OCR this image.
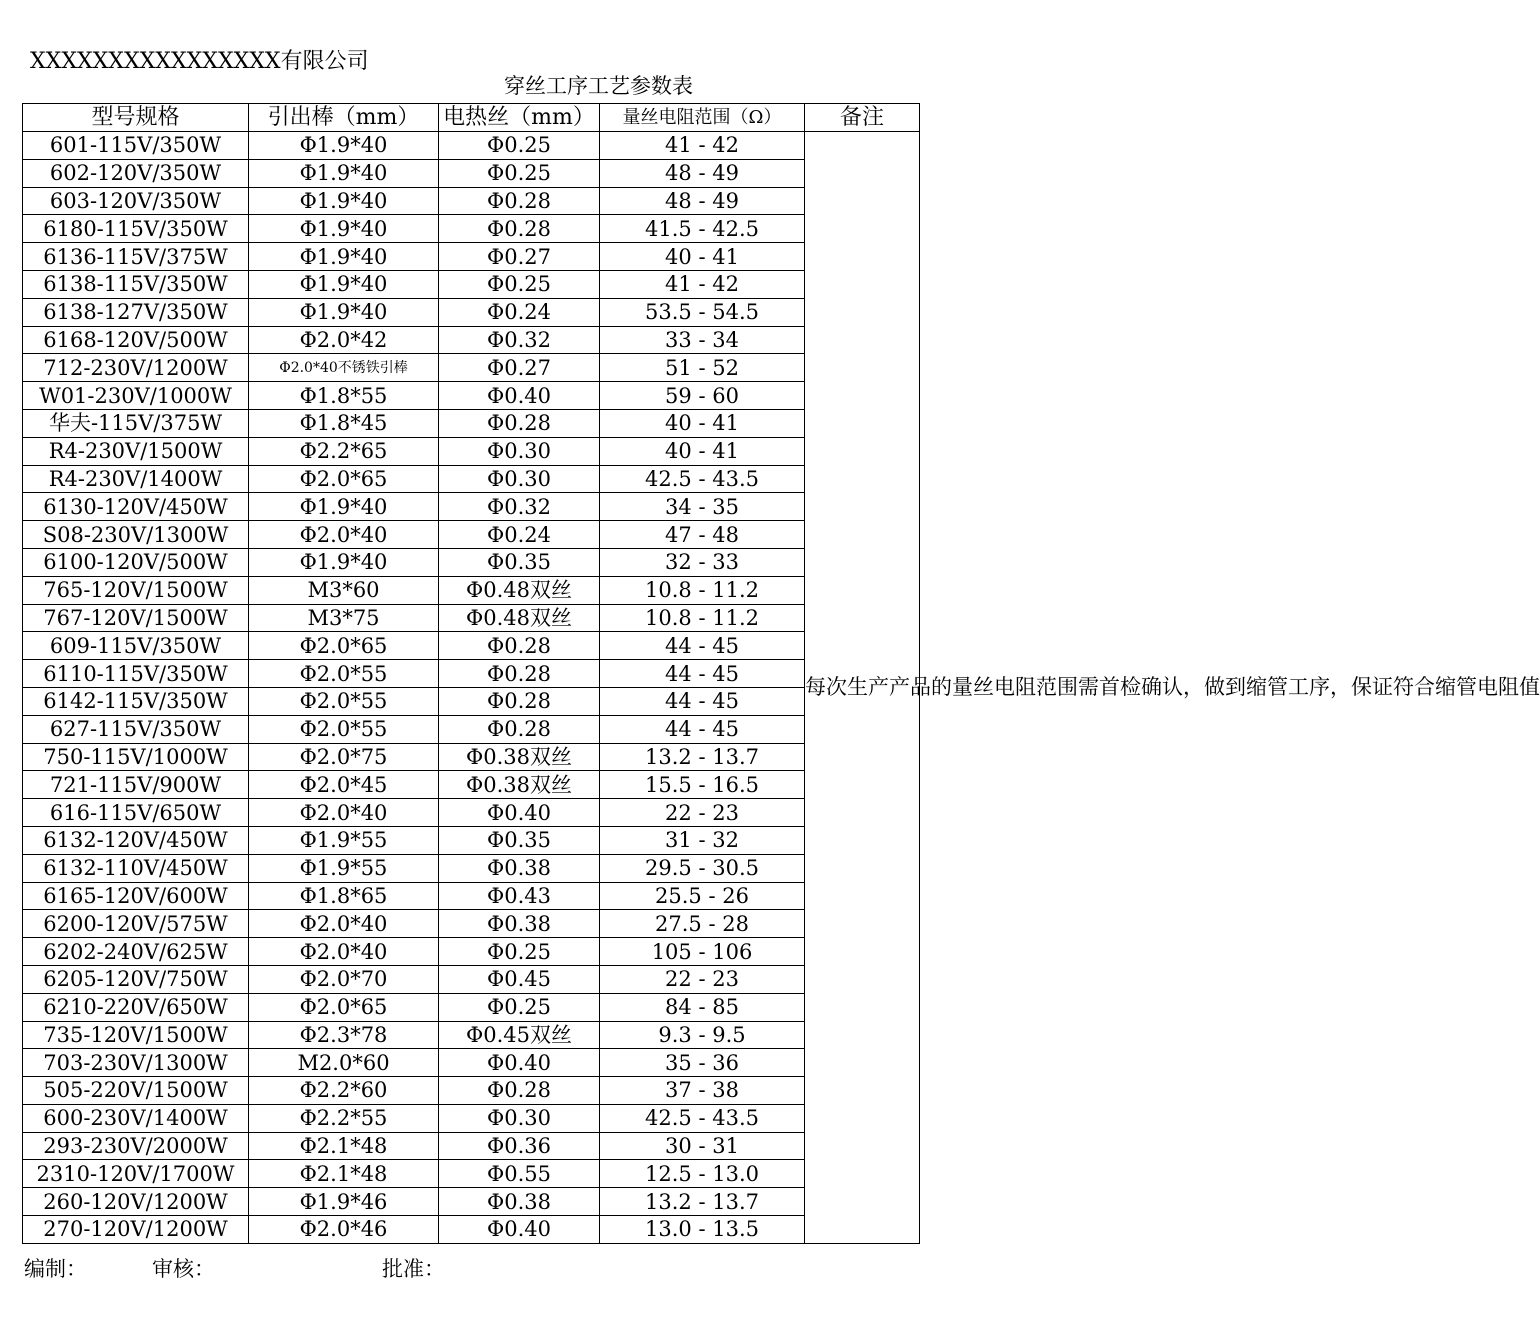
XXXXXXXXXXXXXXXX有限公司
穿丝工序工艺参数表
型号规格	引出棒（mm）	电热丝（mm）	量丝电阻范围（Ω）	备注
601-115V/350W	Φ1.9*40	Φ0.25	41 - 42	每次生产产品的量丝电阻范围需首检确认，做到缩管工序，保证符合缩管电阻值
602-120V/350W	Φ1.9*40	Φ0.25	48 - 49	
603-120V/350W	Φ1.9*40	Φ0.28	48 - 49	
6180-115V/350W	Φ1.9*40	Φ0.28	41.5 - 42.5	
6136-115V/375W	Φ1.9*40	Φ0.27	40 - 41	
6138-115V/350W	Φ1.9*40	Φ0.25	41 - 42	
6138-127V/350W	Φ1.9*40	Φ0.24	53.5 - 54.5	
6168-120V/500W	Φ2.0*42	Φ0.32	33 - 34	
712-230V/1200W	Φ2.0*40不锈铁引棒	Φ0.27	51 - 52	
W01-230V/1000W	Φ1.8*55	Φ0.40	59 - 60	
华夫-115V/375W	Φ1.8*45	Φ0.28	40 - 41	
R4-230V/1500W	Φ2.2*65	Φ0.30	40 - 41	
R4-230V/1400W	Φ2.0*65	Φ0.30	42.5 - 43.5	
6130-120V/450W	Φ1.9*40	Φ0.32	34 - 35	
S08-230V/1300W	Φ2.0*40	Φ0.24	47 - 48	
6100-120V/500W	Φ1.9*40	Φ0.35	32 - 33	
765-120V/1500W	M3*60	Φ0.48双丝	10.8 - 11.2	
767-120V/1500W	M3*75	Φ0.48双丝	10.8 - 11.2	
609-115V/350W	Φ2.0*65	Φ0.28	44 - 45	
6110-115V/350W	Φ2.0*55	Φ0.28	44 - 45	
6142-115V/350W	Φ2.0*55	Φ0.28	44 - 45	
627-115V/350W	Φ2.0*55	Φ0.28	44 - 45	
750-115V/1000W	Φ2.0*75	Φ0.38双丝	13.2 - 13.7	
721-115V/900W	Φ2.0*45	Φ0.38双丝	15.5 - 16.5	
616-115V/650W	Φ2.0*40	Φ0.40	22 - 23	
6132-120V/450W	Φ1.9*55	Φ0.35	31 - 32	
6132-110V/450W	Φ1.9*55	Φ0.38	29.5 - 30.5	
6165-120V/600W	Φ1.8*65	Φ0.43	25.5 - 26	
6200-120V/575W	Φ2.0*40	Φ0.38	27.5 - 28	
6202-240V/625W	Φ2.0*40	Φ0.25	105 - 106	
6205-120V/750W	Φ2.0*70	Φ0.45	22 - 23	
6210-220V/650W	Φ2.0*65	Φ0.25	84 - 85	
735-120V/1500W	Φ2.3*78	Φ0.45双丝	9.3 - 9.5	
703-230V/1300W	M2.0*60	Φ0.40	35 - 36	
505-220V/1500W	Φ2.2*60	Φ0.28	37 - 38	
600-230V/1400W	Φ2.2*55	Φ0.30	42.5 - 43.5	
293-230V/2000W	Φ2.1*48	Φ0.36	30 - 31	
2310-120V/1700W	Φ2.1*48	Φ0.55	12.5 - 13.0	
260-120V/1200W	Φ1.9*46	Φ0.38	13.2 - 13.7	
270-120V/1200W	Φ2.0*46	Φ0.40	13.0 - 13.5	
编制：	审核：	批准：
